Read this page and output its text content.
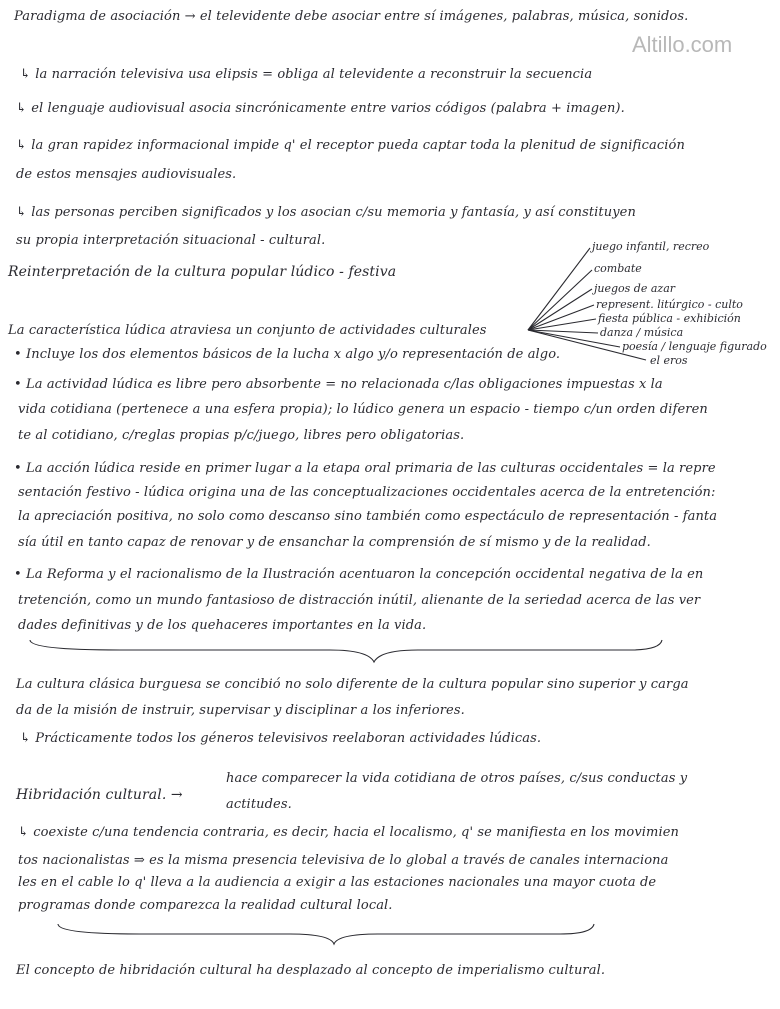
Altillo.com
Paradigma de asociación → el televidente debe asociar entre sí imágenes, palabras, música, sonidos.
↳ la narración televisiva usa elipsis = obliga al televidente a reconstruir la secuencia
↳ el lenguaje audiovisual asocia sincrónicamente entre varios códigos (palabra + imagen).
↳ la gran rapidez informacional impide q' el receptor pueda captar toda la plenitud de significación
de estos mensajes audiovisuales.
↳ las personas perciben significados y los asocian c/su memoria y fantasía, y así constituyen
su propia interpretación situacional - cultural.
Reinterpretación de la cultura popular lúdico - festiva
La característica lúdica atraviesa un conjunto de actividades culturales
• Incluye los dos elementos básicos de la lucha x algo y/o representación de algo.
• La actividad lúdica es libre pero absorbente = no relacionada c/las obligaciones impuestas x la
vida cotidiana (pertenece a una esfera propia); lo lúdico genera un espacio - tiempo c/un orden diferen
te al cotidiano, c/reglas propias p/c/juego, libres pero obligatorias.
• La acción lúdica reside en primer lugar a la etapa oral primaria de las culturas occidentales = la repre
sentación festivo - lúdica origina una de las conceptualizaciones occidentales acerca de la entretención:
la apreciación positiva, no solo como descanso sino también como espectáculo de representación - fanta
sía útil en tanto capaz de renovar y de ensanchar la comprensión de sí mismo y de la realidad.
• La Reforma y el racionalismo de la Ilustración acentuaron la concepción occidental negativa de la en
tretención, como un mundo fantasioso de distracción inútil, alienante de la seriedad acerca de las ver
dades definitivas y de los quehaceres importantes en la vida.
La cultura clásica burguesa se concibió no solo diferente de la cultura popular sino superior y carga
da de la misión de instruir, supervisar y disciplinar a los inferiores.
↳ Prácticamente todos los géneros televisivos reelaboran actividades lúdicas.
Hibridación cultural. →
hace comparecer la vida cotidiana de otros países, c/sus conductas y
actitudes.
↳ coexiste c/una tendencia contraria, es decir, hacia el localismo, q' se manifiesta en los movimien
tos nacionalistas ⇒ es la misma presencia televisiva de lo global a través de canales internaciona
les en el cable lo q' lleva a la audiencia a exigir a las estaciones nacionales una mayor cuota de
programas donde comparezca la realidad cultural local.
El concepto de hibridación cultural ha desplazado al concepto de imperialismo cultural.
juego infantil, recreo
combate
juegos de azar
represent. litúrgico - culto
fiesta pública - exhibición
danza / música
poesía / lenguaje figurado
el eros
